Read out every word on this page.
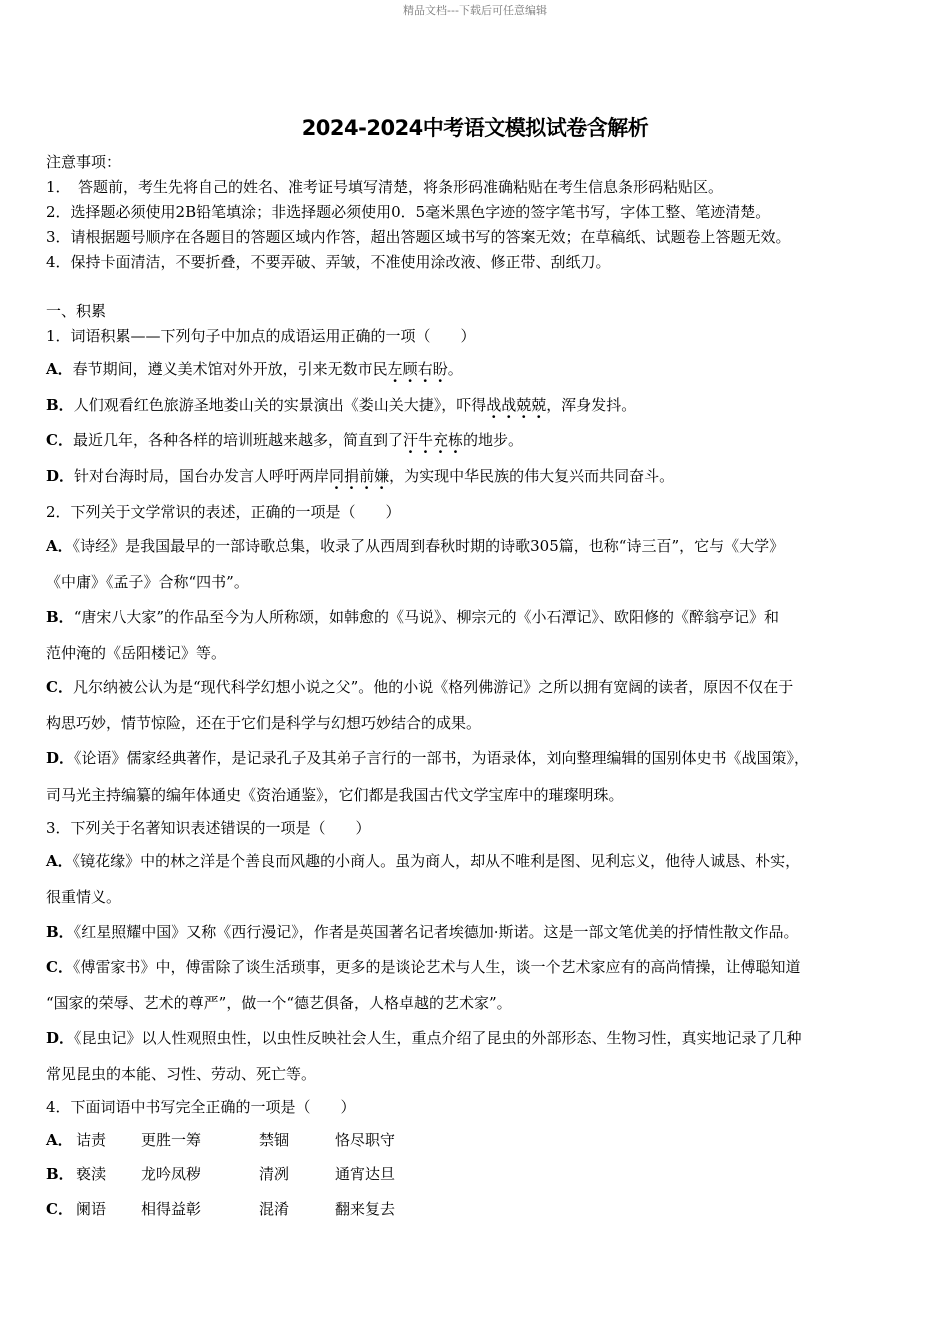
精品文档---下载后可任意编辑
2024-2024中考语文模拟试卷含解析
注意事项：
1．　答题前，考生先将自己的姓名、准考证号填写清楚，将条形码准确粘贴在考生信息条形码粘贴区。
2．选择题必须使用2B铅笔填涂；非选择题必须使用0．5毫米黑色字迹的签字笔书写，字体工整、笔迹清楚。
3．请根据题号顺序在各题目的答题区域内作答，超出答题区域书写的答案无效；在草稿纸、试题卷上答题无效。
4．保持卡面清洁，不要折叠，不要弄破、弄皱，不准使用涂改液、修正带、刮纸刀。
一、积累
1．词语积累——下列句子中加点的成语运用正确的一项（　　）
A．春节期间，遵义美术馆对外开放，引来无数市民左顾右盼。
B．人们观看红色旅游圣地娄山关的实景演出《娄山关大捷》，吓得战战兢兢，浑身发抖。
C．最近几年，各种各样的培训班越来越多，简直到了汗牛充栋的地步。
D．针对台海时局，国台办发言人呼吁两岸同捐前嫌，为实现中华民族的伟大复兴而共同奋斗。
2．下列关于文学常识的表述，正确的一项是（　　）
A．《诗经》是我国最早的一部诗歌总集，收录了从西周到春秋时期的诗歌305篇，也称“诗三百”，它与《大学》
《中庸》《孟子》合称“四书”。
B．“唐宋八大家”的作品至今为人所称颂，如韩愈的《马说》、柳宗元的《小石潭记》、欧阳修的《醉翁亭记》和
范仲淹的《岳阳楼记》等。
C．凡尔纳被公认为是“现代科学幻想小说之父”。他的小说《格列佛游记》之所以拥有宽阔的读者，原因不仅在于
构思巧妙，情节惊险，还在于它们是科学与幻想巧妙结合的成果。
D．《论语》儒家经典著作，是记录孔子及其弟子言行的一部书，为语录体，刘向整理编辑的国别体史书《战国策》，
司马光主持编纂的编年体通史《资治通鉴》，它们都是我国古代文学宝库中的璀璨明珠。
3．下列关于名著知识表述错误的一项是（　　）
A．《镜花缘》中的林之洋是个善良而风趣的小商人。虽为商人，却从不唯利是图、见利忘义，他待人诚恳、朴实，
很重情义。
B．《红星照耀中国》又称《西行漫记》，作者是英国著名记者埃德加·斯诺。这是一部文笔优美的抒情性散文作品。
C．《傅雷家书》中，傅雷除了谈生活琐事，更多的是谈论艺术与人生，谈一个艺术家应有的高尚情操，让傅聪知道
“国家的荣辱、艺术的尊严”，做一个“德艺俱备，人格卓越的艺术家”。
D．《昆虫记》以人性观照虫性，以虫性反映社会人生，重点介绍了昆虫的外部形态、生物习性，真实地记录了几种
常见昆虫的本能、习性、劳动、死亡等。
4．下面词语中书写完全正确的一项是（　　）
A． 诘责 更胜一筹	禁锢	恪尽职守
B． 亵渎 龙吟凤秽	清冽	通宵达旦
C． 阑语 相得益彰	混淆	翻来复去
